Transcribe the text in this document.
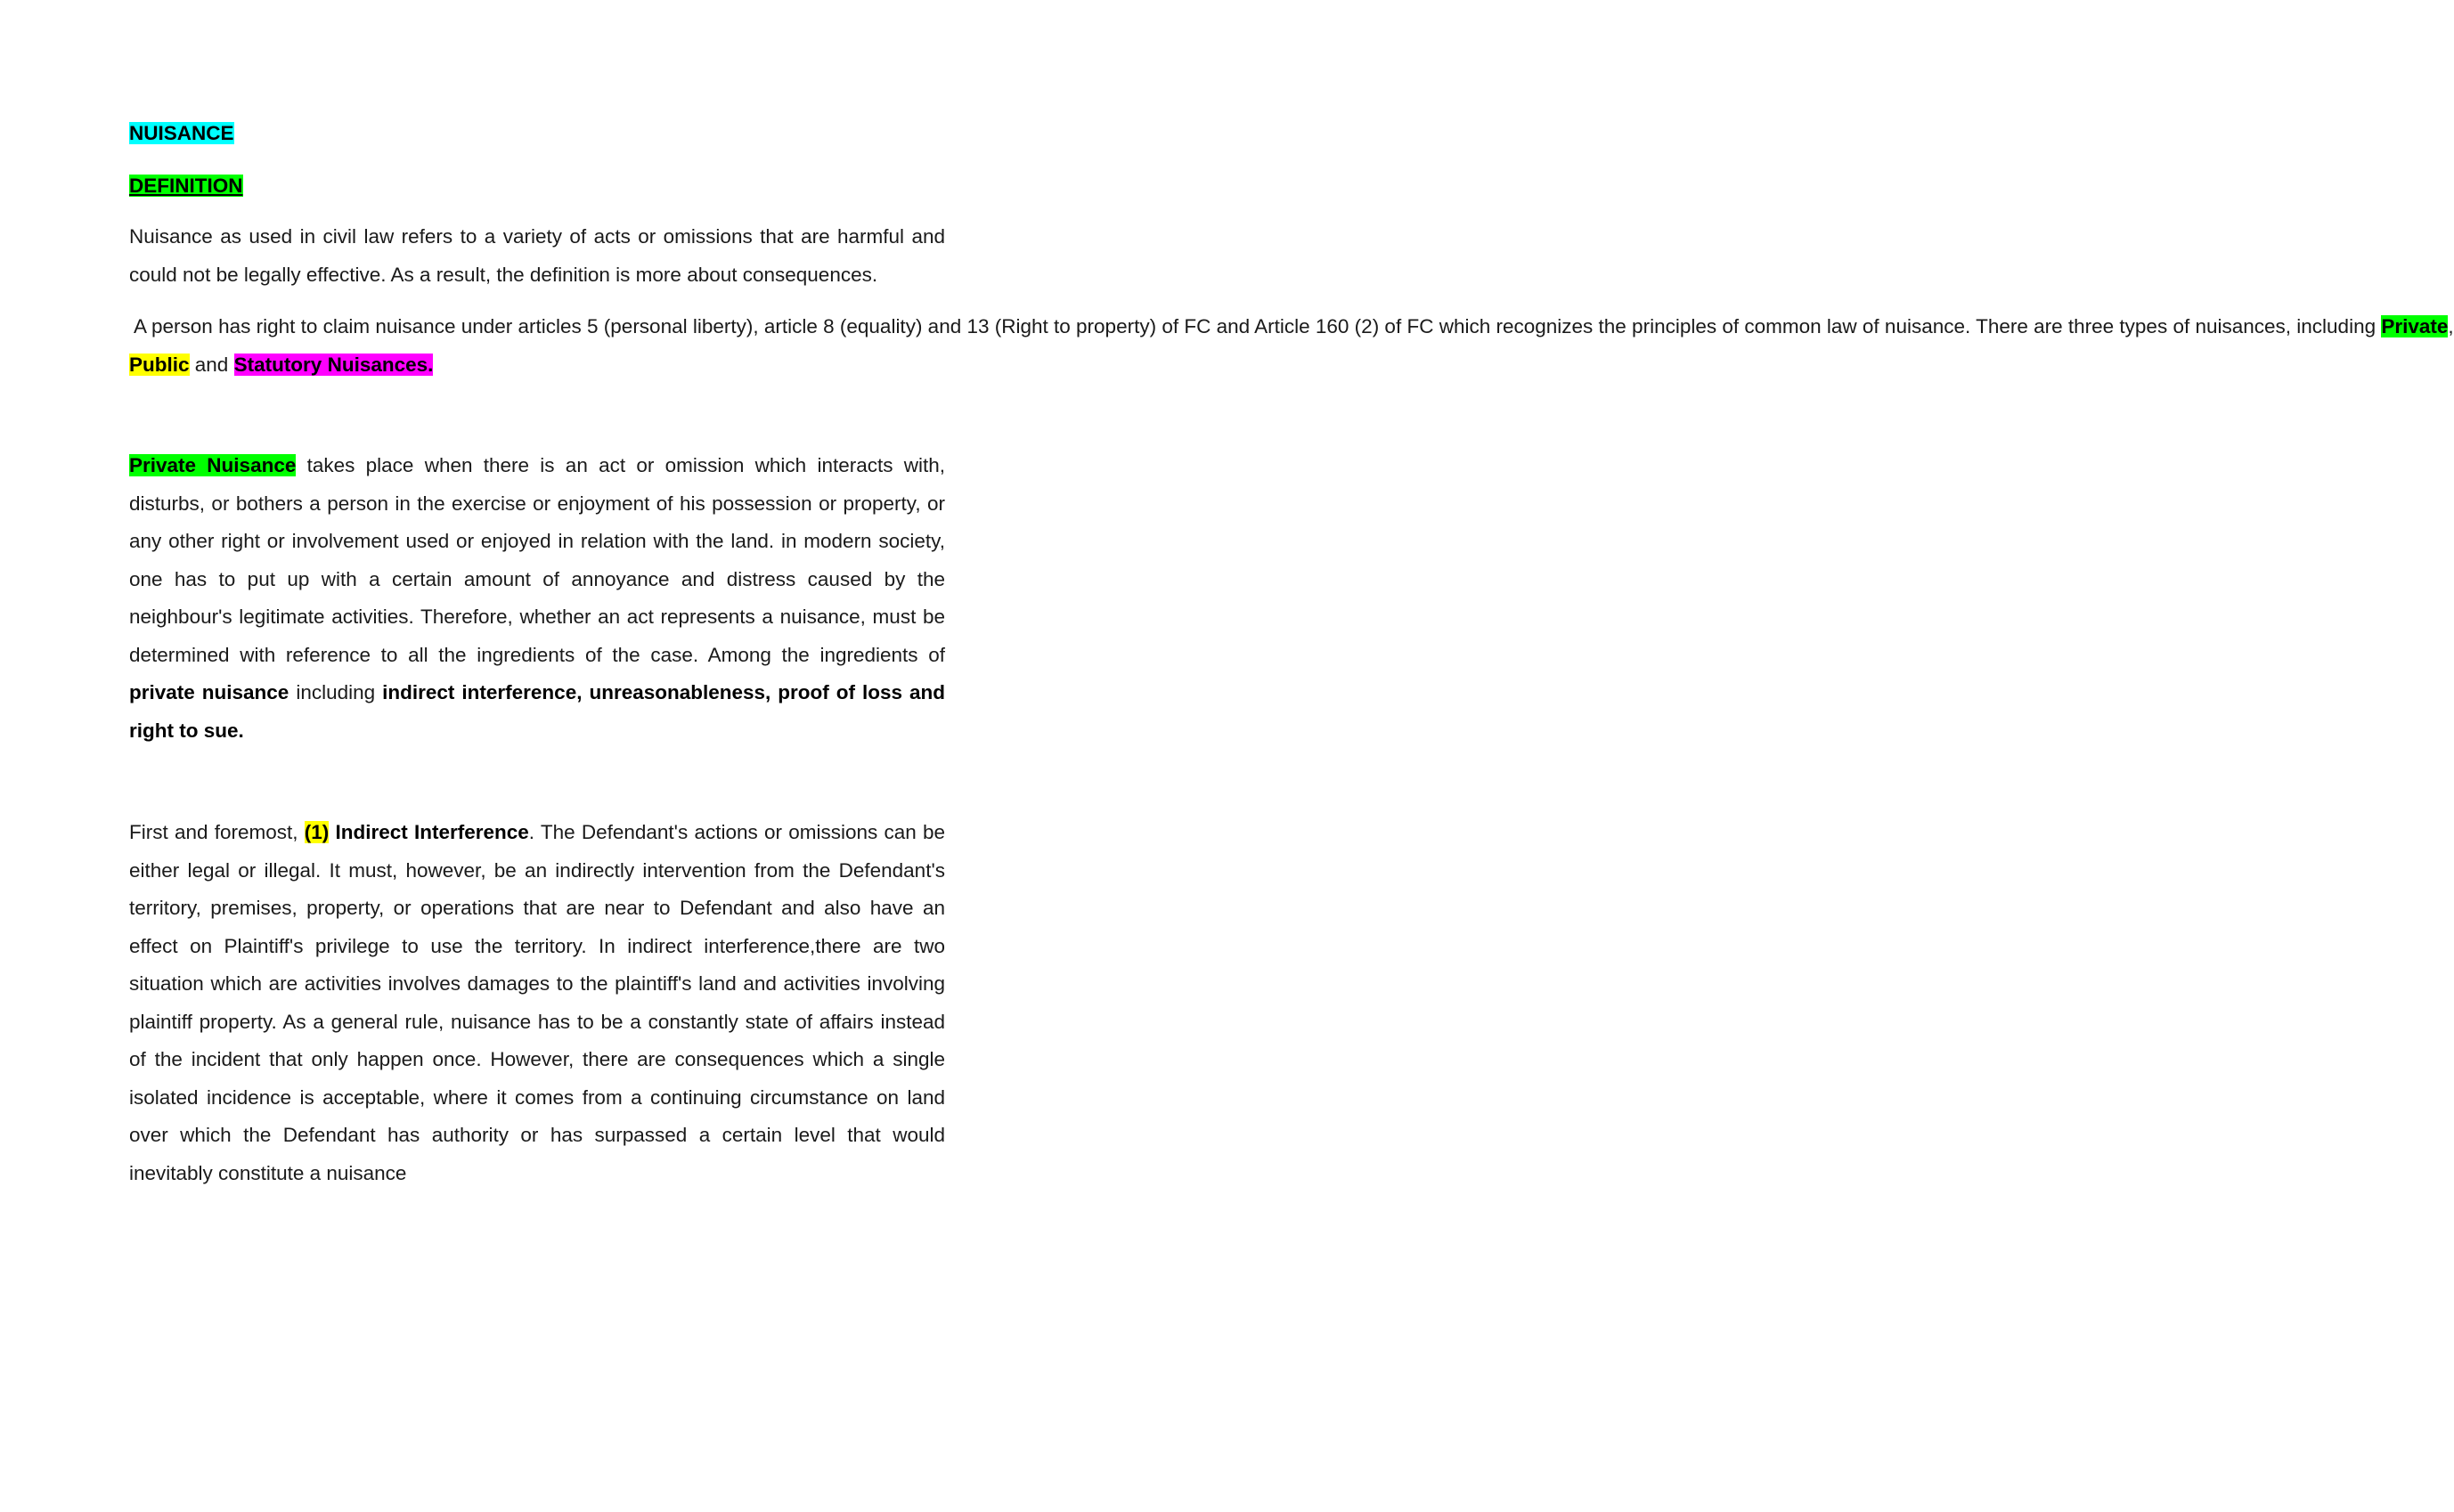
NUISANCE
DEFINITION

Nuisance as used in civil law refers to a variety of acts or omissions that are harmful and could not be legally effective. As a result, the definition is more about consequences.

A person has right to claim nuisance under articles 5 (personal liberty), article 8 (equality) and 13 (Right to property) of FC and Article 160 (2) of FC which recognizes the principles of common law of nuisance. There are three types of nuisances, including Private, Public and Statutory Nuisances.

Private Nuisance takes place when there is an act or omission which interacts with, disturbs, or bothers a person in the exercise or enjoyment of his possession or property, or any other right or involvement used or enjoyed in relation with the land. in modern society, one has to put up with a certain amount of annoyance and distress caused by the neighbour's legitimate activities. Therefore, whether an act represents a nuisance, must be determined with reference to all the ingredients of the case. Among the ingredients of private nuisance including indirect interference, unreasonableness, proof of loss and right to sue.

First and foremost, (1) Indirect Interference. The Defendant's actions or omissions can be either legal or illegal. It must, however, be an indirectly intervention from the Defendant's territory, premises, property, or operations that are near to Defendant and also have an effect on Plaintiff's privilege to use the territory. In indirect interference,there are two situation which are activities involves damages to the plaintiff's land and activities involving plaintiff property. As a general rule, nuisance has to be a constantly state of affairs instead of the incident that only happen once. However, there are consequences which a single isolated incidence is acceptable, where it comes from a continuing circumstance on land over which the Defendant has authority or has surpassed a certain level that would inevitably constitute a nuisance
